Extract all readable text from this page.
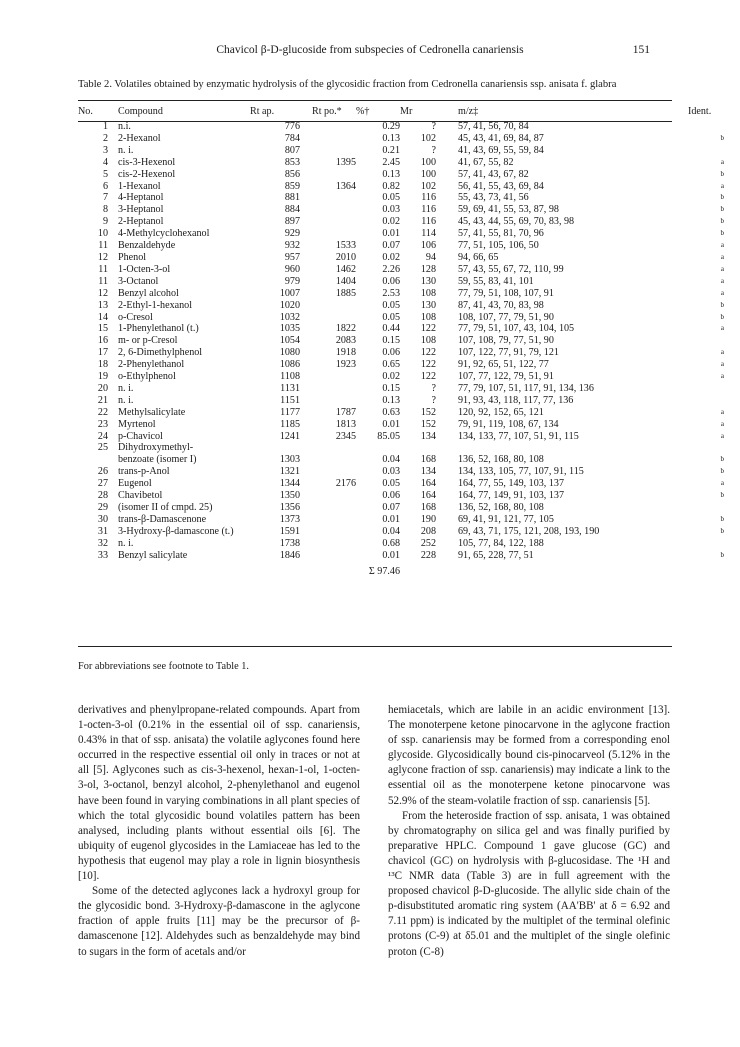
Chavicol β-D-glucoside from subspecies of Cedronella canariensis	151
Table 2. Volatiles obtained by enzymatic hydrolysis of the glycosidic fraction from Cedronella canariensis ssp. anisata f. glabra
No.	Compound	Rt ap.	Rt po.*	%†	Mr	m/z‡	Ident.
1	n.i.	776		0.29	?	57, 41, 56, 70, 84	
2	2-Hexanol	784		0.13	102	45, 43, 41, 69, 84, 87	b
3	n. i.	807		0.21	?	41, 43, 69, 55, 59, 84	
4	cis-3-Hexenol	853	1395	2.45	100	41, 67, 55, 82	a
5	cis-2-Hexenol	856		0.13	100	57, 41, 43, 67, 82	b
6	1-Hexanol	859	1364	0.82	102	56, 41, 55, 43, 69, 84	a
7	4-Heptanol	881		0.05	116	55, 43, 73, 41, 56	b
8	3-Heptanol	884		0.03	116	59, 69, 41, 55, 53, 87, 98	b
9	2-Heptanol	897		0.02	116	45, 43, 44, 55, 69, 70, 83, 98	b
10	4-Methylcyclohexanol	929		0.01	114	57, 41, 55, 81, 70, 96	b
11	Benzaldehyde	932	1533	0.07	106	77, 51, 105, 106, 50	a
12	Phenol	957	2010	0.02	94	94, 66, 65	a
11	1-Octen-3-ol	960	1462	2.26	128	57, 43, 55, 67, 72, 110, 99	a
11	3-Octanol	979	1404	0.06	130	59, 55, 83, 41, 101	a
12	Benzyl alcohol	1007	1885	2.53	108	77, 79, 51, 108, 107, 91	a
13	2-Ethyl-1-hexanol	1020		0.05	130	87, 41, 43, 70, 83, 98	b
14	o-Cresol	1032		0.05	108	108, 107, 77, 79, 51, 90	b
15	1-Phenylethanol (t.)	1035	1822	0.44	122	77, 79, 51, 107, 43, 104, 105	a
16	m- or p-Cresol	1054	2083	0.15	108	107, 108, 79, 77, 51, 90	
17	2, 6-Dimethylphenol	1080	1918	0.06	122	107, 122, 77, 91, 79, 121	a
18	2-Phenylethanol	1086	1923	0.65	122	91, 92, 65, 51, 122, 77	a
19	o-Ethylphenol	1108		0.02	122	107, 77, 122, 79, 51, 91	a
20	n. i.	1131		0.15	?	77, 79, 107, 51, 117, 91, 134, 136	
21	n. i.	1151		0.13	?	91, 93, 43, 118, 117, 77, 136	
22	Methylsalicylate	1177	1787	0.63	152	120, 92, 152, 65, 121	a
23	Myrtenol	1185	1813	0.01	152	79, 91, 119, 108, 67, 134	a
24	p-Chavicol	1241	2345	85.05	134	134, 133, 77, 107, 51, 91, 115	a
25	Dihydroxymethyl-						
	benzoate (isomer I)	1303		0.04	168	136, 52, 168, 80, 108	b
26	trans-p-Anol	1321		0.03	134	134, 133, 105, 77, 107, 91, 115	b
27	Eugenol	1344	2176	0.05	164	164, 77, 55, 149, 103, 137	a
28	Chavibetol	1350		0.06	164	164, 77, 149, 91, 103, 137	b
29	(isomer II of cmpd. 25)	1356		0.07	168	136, 52, 168, 80, 108	
30	trans-β-Damascenone	1373		0.01	190	69, 41, 91, 121, 77, 105	b
31	3-Hydroxy-β-damascone (t.)	1591		0.04	208	69, 43, 71, 175, 121, 208, 193, 190	b
32	n. i.	1738		0.68	252	105, 77, 84, 122, 188	
33	Benzyl salicylate	1846		0.01	228	91, 65, 228, 77, 51	b
				Σ 97.46			
For abbreviations see footnote to Table 1.

derivatives and phenylpropane-related compounds. Apart from 1-octen-3-ol (0.21% in the essential oil of ssp. canariensis, 0.43% in that of ssp. anisata) the volatile aglycones found here occurred in the respective essential oil only in traces or not at all [5]. Aglycones such as cis-3-hexenol, hexan-1-ol, 1-octen-3-ol, 3-octanol, benzyl alcohol, 2-phenylethanol and eugenol have been found in varying combinations in all plant species of which the total glycosidic bound volatiles pattern has been analysed, including plants without essential oils [6]. The ubiquity of eugenol glycosides in the Lamiaceae has led to the hypothesis that eugenol may play a role in lignin biosynthesis [10].

Some of the detected aglycones lack a hydroxyl group for the glycosidic bond. 3-Hydroxy-β-damascone in the aglycone fraction of apple fruits [11] may be the precursor of β-damascenone [12]. Aldehydes such as benzaldehyde may bind to sugars in the form of acetals and/or

hemiacetals, which are labile in an acidic environment [13]. The monoterpene ketone pinocarvone in the aglycone fraction of ssp. canariensis may be formed from a corresponding enol glycoside. Glycosidically bound cis-pinocarveol (5.12% in the aglycone fraction of ssp. canariensis) may indicate a link to the essential oil as the monoterpene ketone pinocarvone was 52.9% of the steam-volatile fraction of ssp. canariensis [5].

From the heteroside fraction of ssp. anisata, 1 was obtained by chromatography on silica gel and was finally purified by preparative HPLC. Compound 1 gave glucose (GC) and chavicol (GC) on hydrolysis with β-glucosidase. The ¹H and ¹³C NMR data (Table 3) are in full agreement with the proposed chavicol β-D-glucoside. The allylic side chain of the p-disubstituted aromatic ring system (AA'BB' at δ = 6.92 and 7.11 ppm) is indicated by the multiplet of the terminal olefinic protons (C-9) at δ5.01 and the multiplet of the single olefinic proton (C-8)
